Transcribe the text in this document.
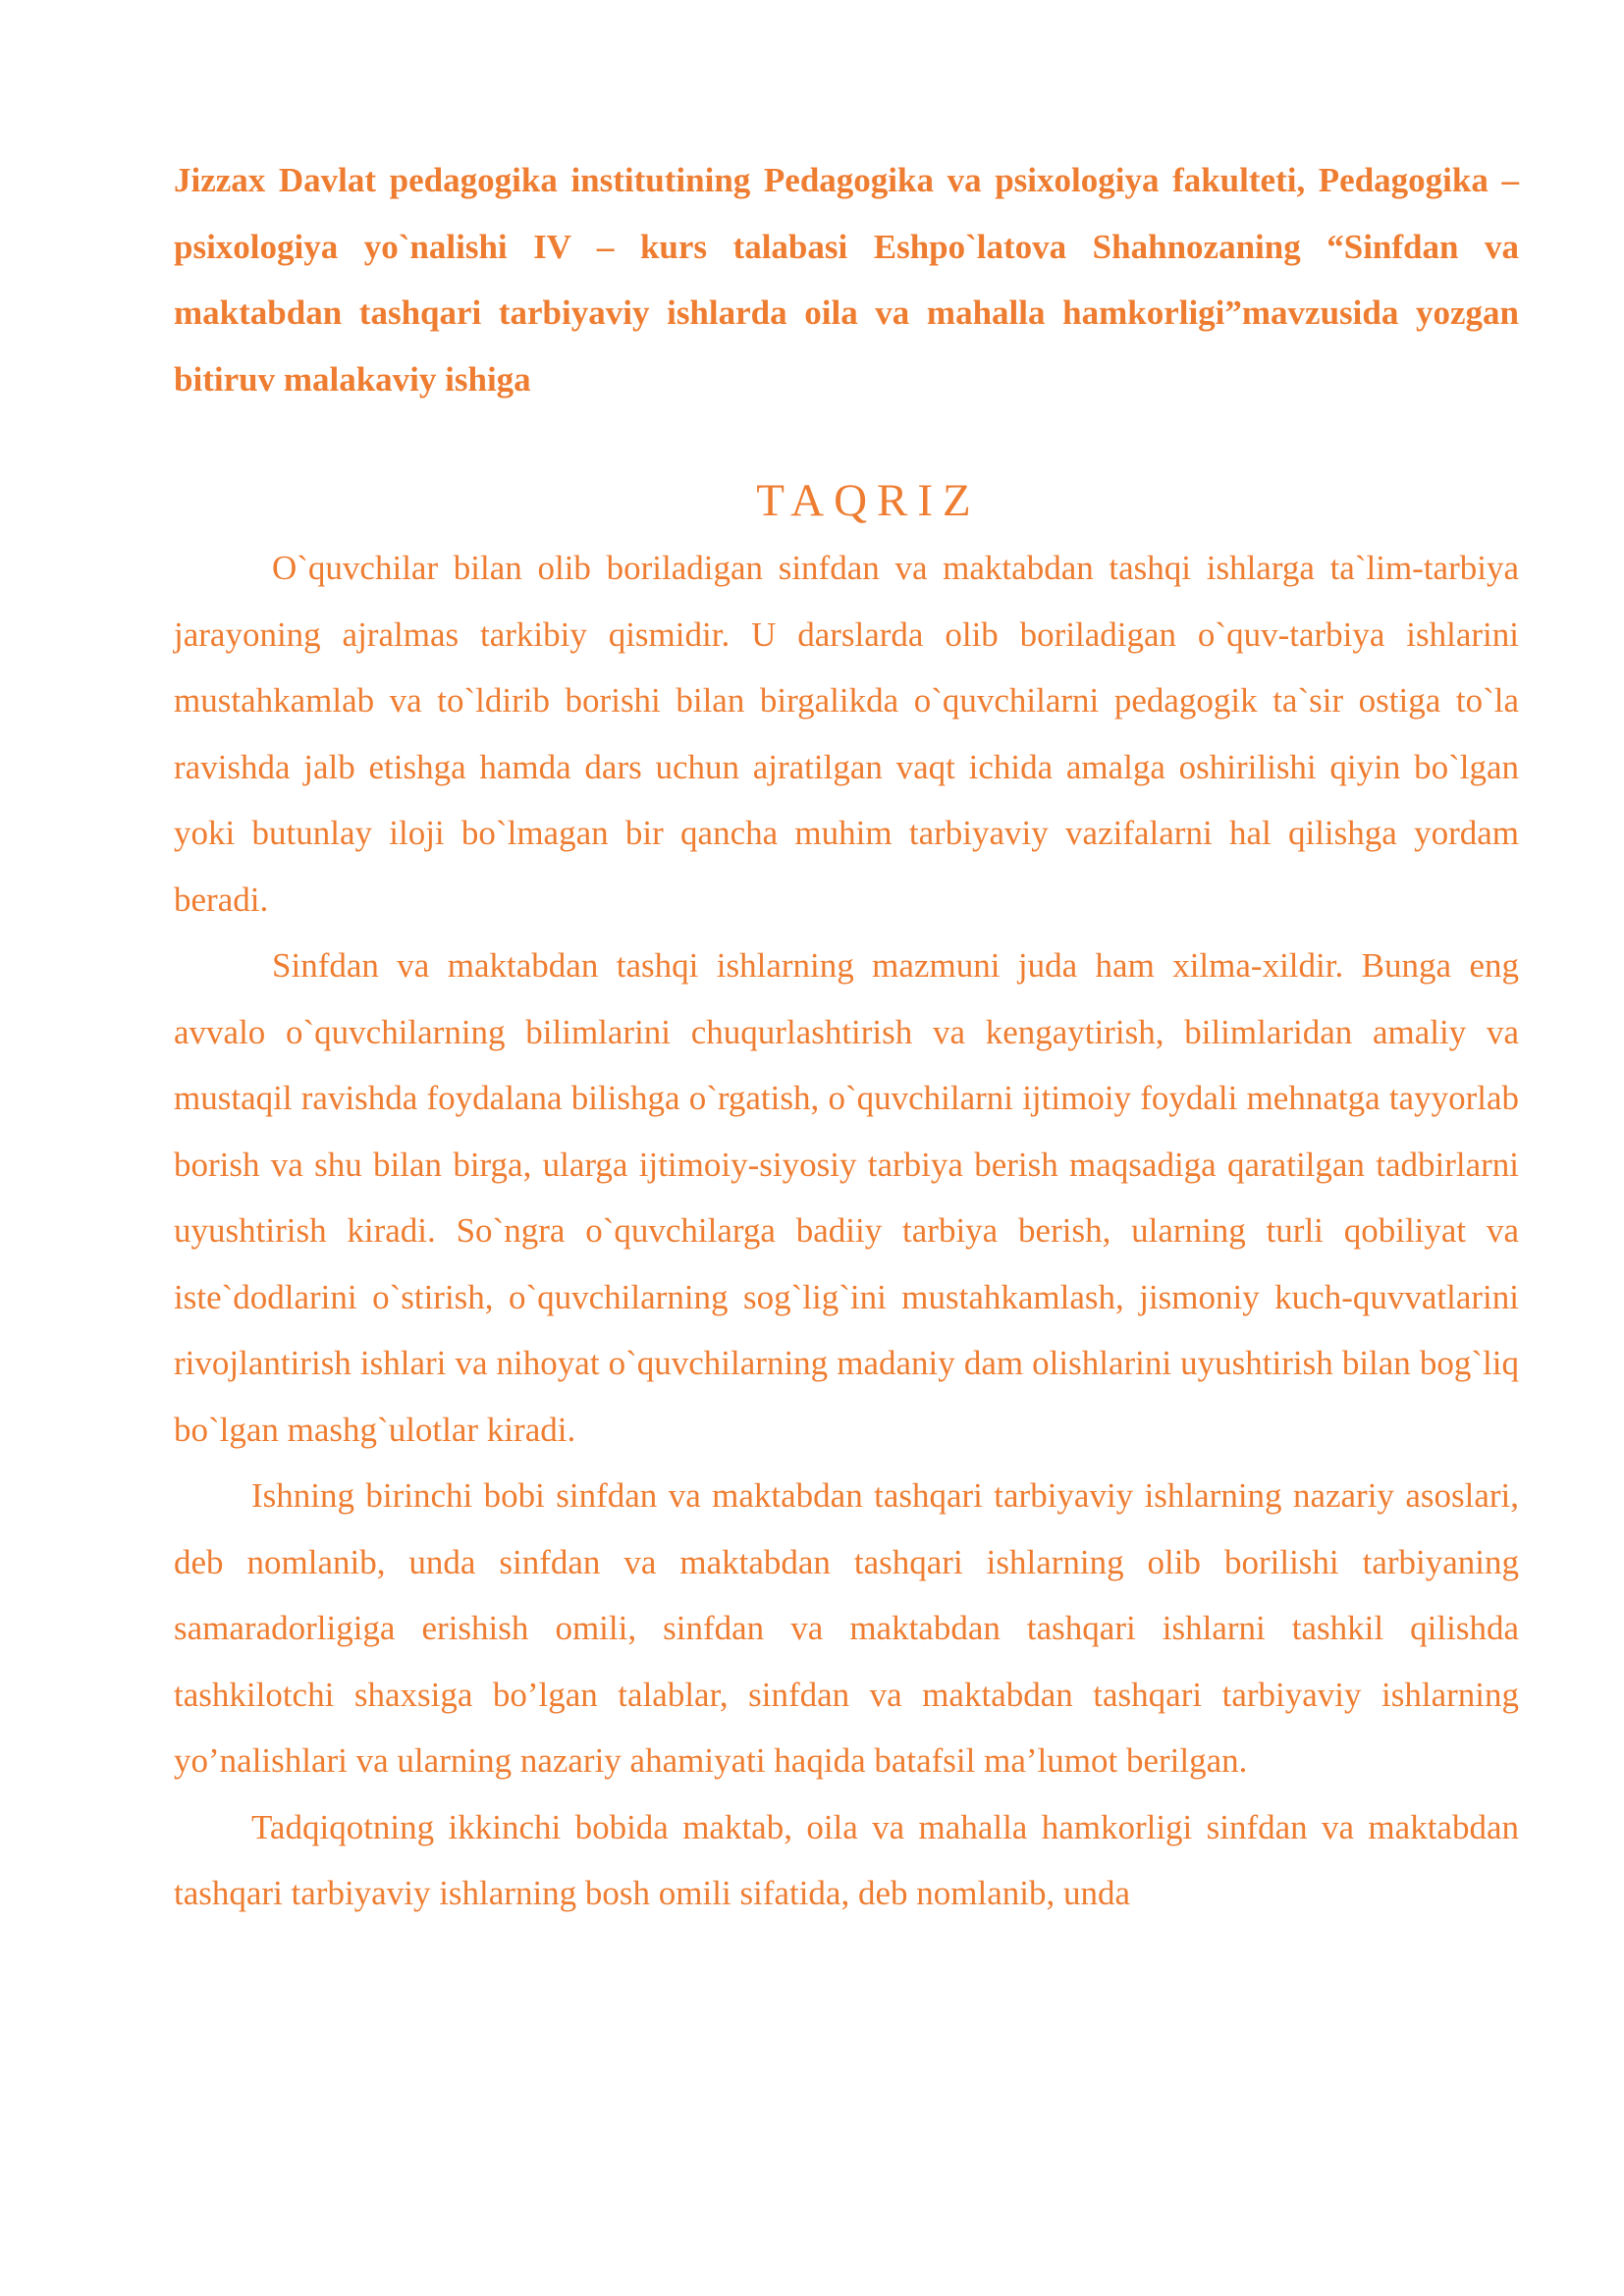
Jizzax Davlat pedagogika institutining Pedagogika va psixologiya fakulteti, Pedagogika – psixologiya yo`nalishi IV – kurs talabasi Eshpo`latova Shahnozaning “Sinfdan va maktabdan tashqari tarbiyaviy ishlarda oila va mahalla hamkorligi”mavzusida yozgan bitiruv malakaviy ishiga

TAQRIZ

O`quvchilar bilan olib boriladigan sinfdan va maktabdan tashqi ishlarga ta`lim-tarbiya jarayoning ajralmas tarkibiy qismidir. U darslarda olib boriladigan o`quv-tarbiya ishlarini mustahkamlab va to`ldirib borishi bilan birgalikda o`quvchilarni pedagogik ta`sir ostiga to`la ravishda jalb etishga hamda dars uchun ajratilgan vaqt ichida amalga oshirilishi qiyin bo`lgan yoki butunlay iloji bo`lmagan bir qancha muhim tarbiyaviy vazifalarni hal qilishga yordam beradi.

Sinfdan va maktabdan tashqi ishlarning mazmuni juda ham xilma-xildir. Bunga eng avvalo o`quvchilarning bilimlarini chuqurlashtirish va kengaytirish, bilimlaridan amaliy va mustaqil ravishda foydalana bilishga o`rgatish, o`quvchilarni ijtimoiy foydali mehnatga tayyorlab borish va shu bilan birga, ularga ijtimoiy-siyosiy tarbiya berish maqsadiga qaratilgan tadbirlarni uyushtirish kiradi. So`ngra o`quvchilarga badiiy tarbiya berish, ularning turli qobiliyat va iste`dodlarini o`stirish, o`quvchilarning sog`lig`ini mustahkamlash, jismoniy kuch-quvvatlarini rivojlantirish ishlari va nihoyat o`quvchilarning madaniy dam olishlarini uyushtirish bilan bog`liq bo`lgan mashg`ulotlar kiradi.

Ishning birinchi bobi sinfdan va maktabdan tashqari tarbiyaviy ishlarning nazariy asoslari, deb nomlanib, unda sinfdan va maktabdan tashqari ishlarning olib borilishi tarbiyaning samaradorligiga erishish omili, sinfdan va maktabdan tashqari ishlarni tashkil qilishda tashkilotchi shaxsiga bo’lgan talablar, sinfdan va maktabdan tashqari tarbiyaviy ishlarning yo’nalishlari va ularning nazariy ahamiyati haqida batafsil ma’lumot berilgan.

Tadqiqotning ikkinchi bobida maktab, oila va mahalla hamkorligi sinfdan va maktabdan tashqari tarbiyaviy ishlarning bosh omili sifatida, deb nomlanib, unda
